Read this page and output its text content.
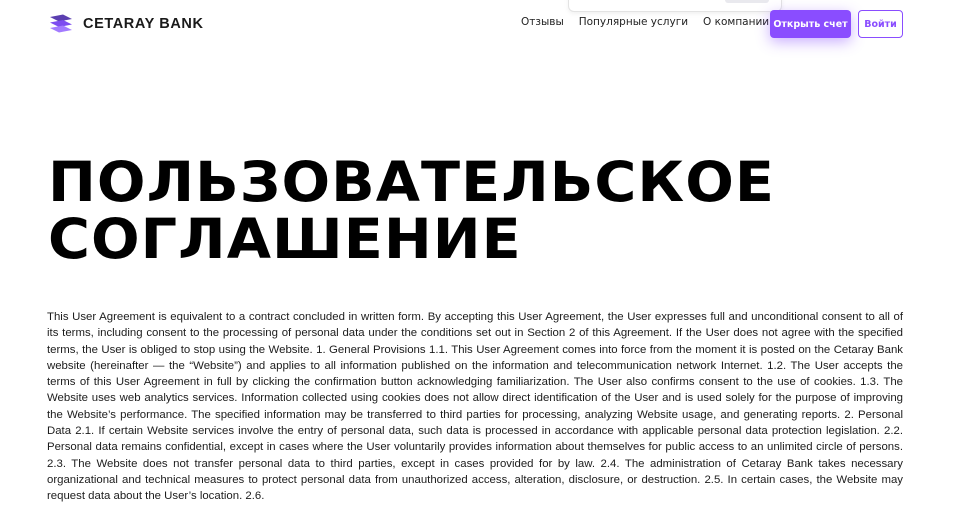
CETARAY BANK	Отзывы Популярные услуги О компании Открыть счет	Войти
ПОЛЬЗОВАТЕЛЬСКОЕ
СОГЛАШЕНИЕ

This User Agreement is equivalent to a contract concluded in written form. By accepting this User Agreement, the User expresses full and unconditional consent to all of its terms, including consent to the processing of personal data under the conditions set out in Section 2 of this Agreement. If the User does not agree with the specified terms, the User is obliged to stop using the Website. 1. General Provisions 1.1. This User Agreement comes into force from the moment it is posted on the Cetaray Bank website (hereinafter — the “Website”) and applies to all information published on the information and telecommunication network Internet. 1.2. The User accepts the terms of this User Agreement in full by clicking the confirmation button acknowledging familiarization. The User also confirms consent to the use of cookies. 1.3. The Website uses web analytics services. Information collected using cookies does not allow direct identification of the User and is used solely for the purpose of improving the Website’s performance. The specified information may be transferred to third parties for processing, analyzing Website usage, and generating reports. 2. Personal Data 2.1. If certain Website services involve the entry of personal data, such data is processed in accordance with applicable personal data protection legislation. 2.2. Personal data remains confidential, except in cases where the User voluntarily provides information about themselves for public access to an unlimited circle of persons. 2.3. The Website does not transfer personal data to third parties, except in cases provided for by law. 2.4. The administration of Cetaray Bank takes necessary organizational and technical measures to protect personal data from unauthorized access, alteration, disclosure, or destruction. 2.5. In certain cases, the Website may request data about the User’s location. 2.6.
